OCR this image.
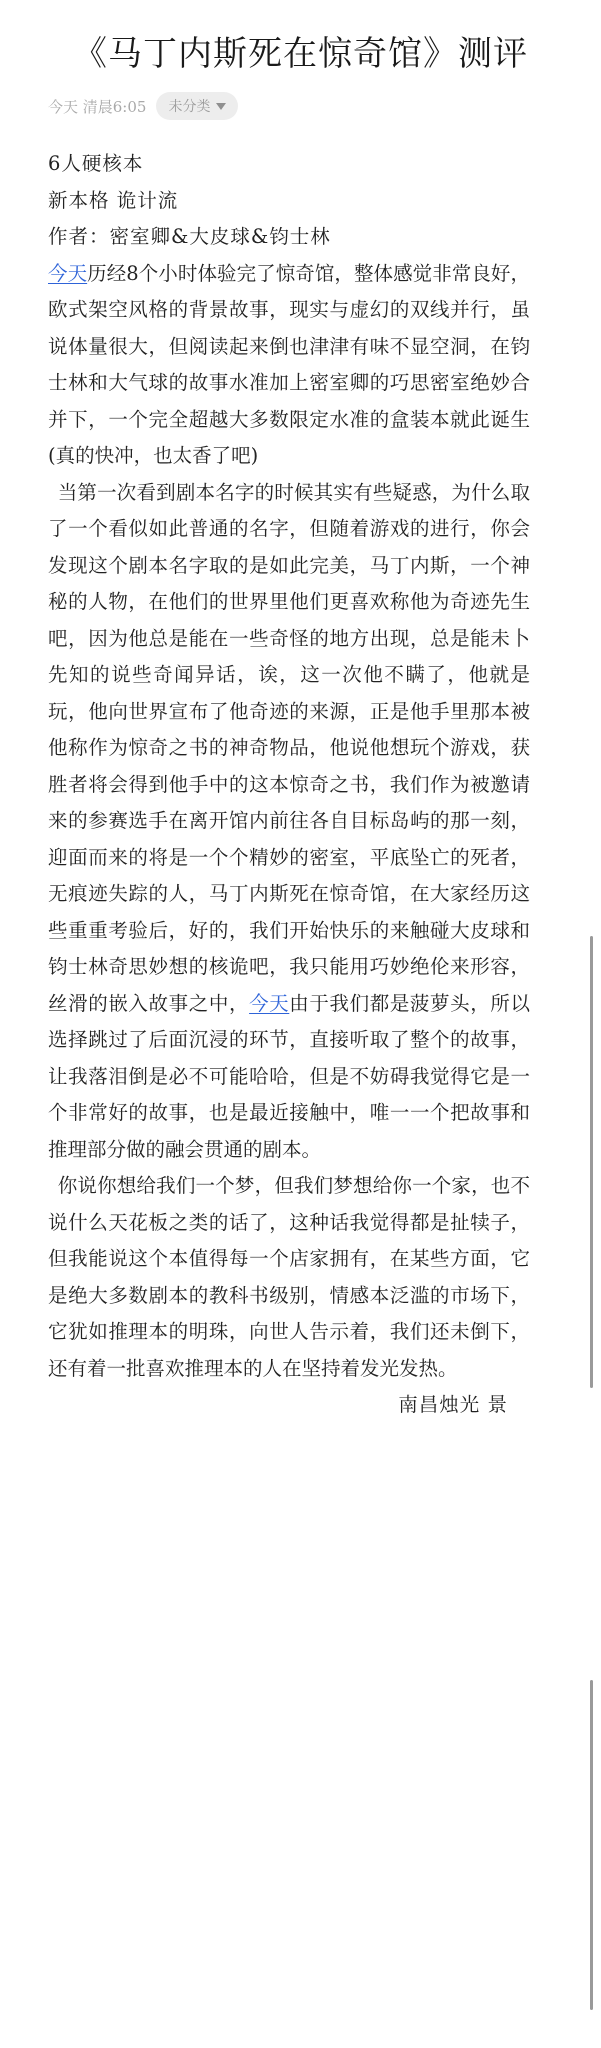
《马丁内斯死在惊奇馆》测评
今天 清晨6:05 未分类

6人硬核本

新本格 诡计流

作者：密室卿&大皮球&钧士林

今天历经8个小时体验完了惊奇馆，整体感觉非常良好，欧式架空风格的背景故事，现实与虚幻的双线并行，虽说体量很大，但阅读起来倒也津津有味不显空洞，在钧士林和大气球的故事水准加上密室卿的巧思密室绝妙合并下，一个完全超越大多数限定水准的盒装本就此诞生(真的快冲，也太香了吧)

当第一次看到剧本名字的时候其实有些疑惑，为什么取了一个看似如此普通的名字，但随着游戏的进行，你会发现这个剧本名字取的是如此完美，马丁内斯，一个神秘的人物，在他们的世界里他们更喜欢称他为奇迹先生吧，因为他总是能在一些奇怪的地方出现，总是能未卜先知的说些奇闻异话，诶，这一次他不瞒了，他就是玩，他向世界宣布了他奇迹的来源，正是他手里那本被他称作为惊奇之书的神奇物品，他说他想玩个游戏，获胜者将会得到他手中的这本惊奇之书，我们作为被邀请来的参赛选手在离开馆内前往各自目标岛屿的那一刻，迎面而来的将是一个个精妙的密室，平底坠亡的死者，无痕迹失踪的人，马丁内斯死在惊奇馆，在大家经历这些重重考验后，好的，我们开始快乐的来触碰大皮球和钧士林奇思妙想的核诡吧，我只能用巧妙绝伦来形容，丝滑的嵌入故事之中，今天由于我们都是菠萝头，所以选择跳过了后面沉浸的环节，直接听取了整个的故事，让我落泪倒是必不可能哈哈，但是不妨碍我觉得它是一个非常好的故事，也是最近接触中，唯一一个把故事和推理部分做的融会贯通的剧本。

你说你想给我们一个梦，但我们梦想给你一个家，也不说什么天花板之类的话了，这种话我觉得都是扯犊子，但我能说这个本值得每一个店家拥有，在某些方面，它是绝大多数剧本的教科书级别，情感本泛滥的市场下，它犹如推理本的明珠，向世人告示着，我们还未倒下，还有着一批喜欢推理本的人在坚持着发光发热。

南昌烛光 景
